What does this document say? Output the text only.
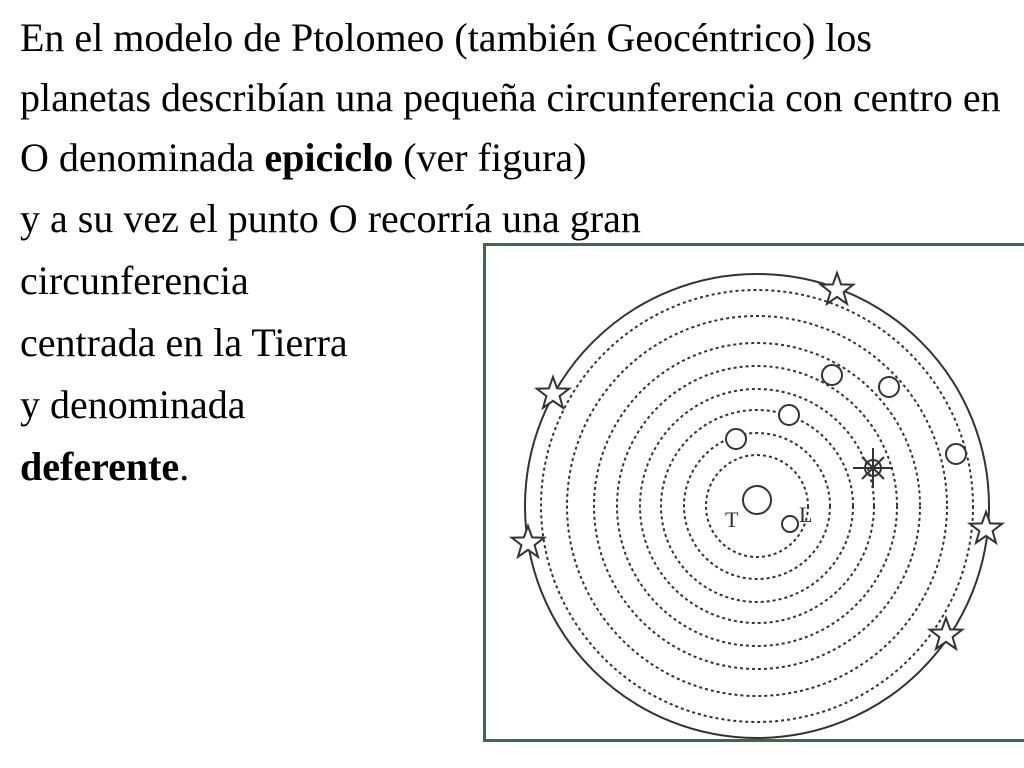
En el modelo de Ptolomeo (también Geocéntrico) los planetas describían una pequeña circunferencia con centro en O denominada epiciclo (ver figura)

y a su vez el punto O recorría una gran

circunferencia

centrada en la Tierra

y denominada

deferente.

T	L
